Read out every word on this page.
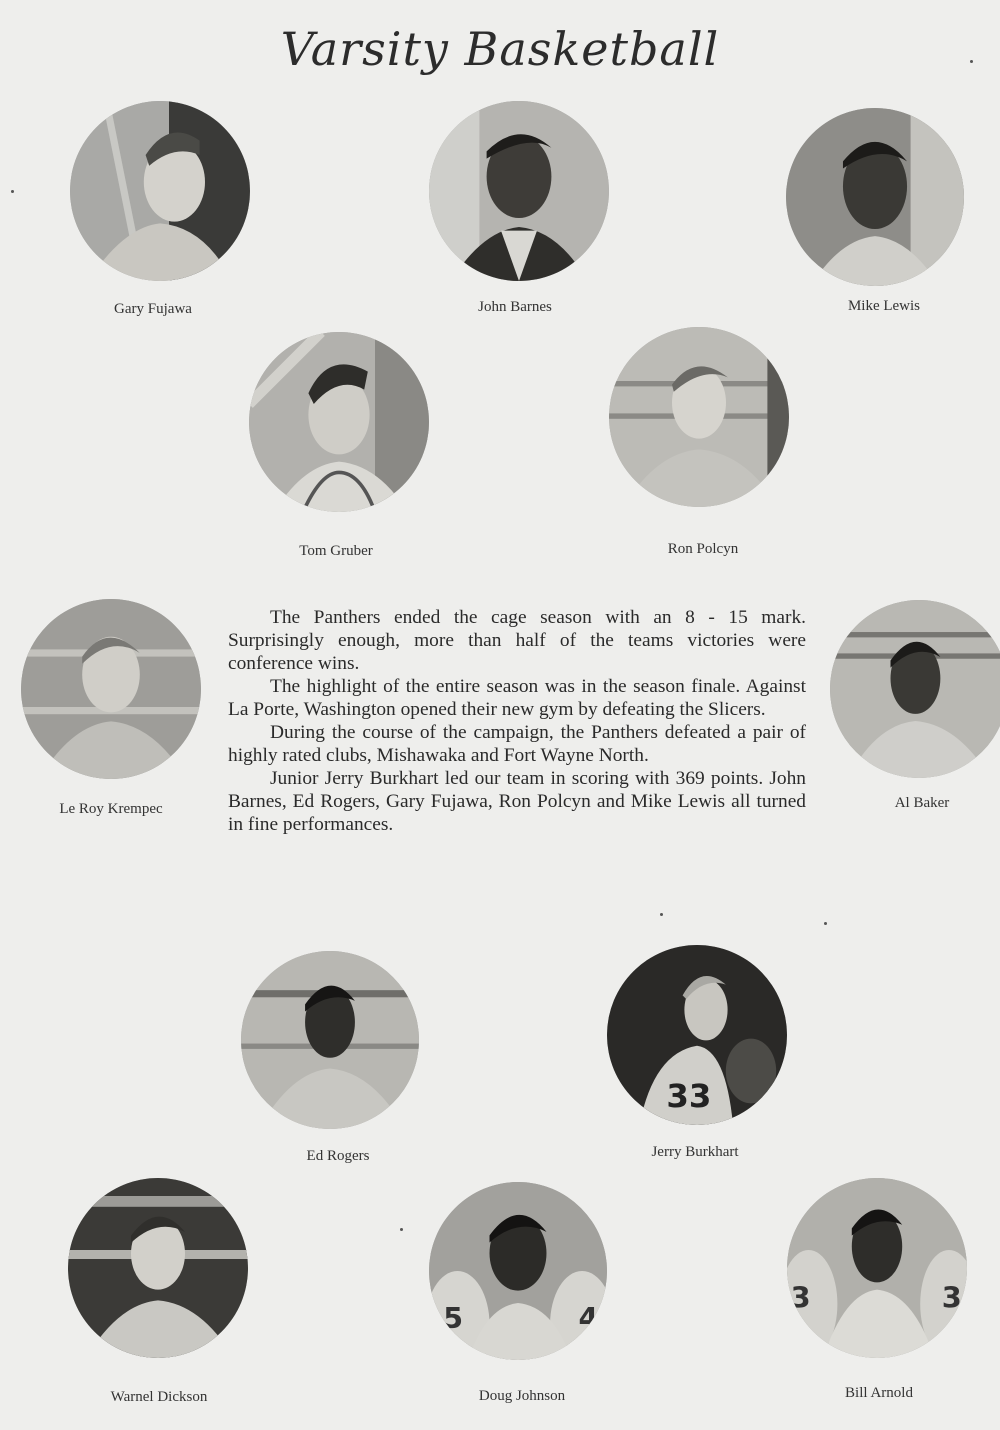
Varsity Basketball
Gary Fujawa	John Barnes	Mike Lewis
Tom Gruber	Ron Polcyn
Le Roy Krempec	Al Baker

The Panthers ended the cage season with an 8 - 15 mark. Surprisingly enough, more than half of the teams victories were conference wins.

The highlight of the entire season was in the season finale. Against La Porte, Washington opened their new gym by defeating the Slicers.

During the course of the campaign, the Panthers defeated a pair of highly rated clubs, Mishawaka and Fort Wayne North.

Junior Jerry Burkhart led our team in scoring with 369 points. John Barnes, Ed Rogers, Gary Fujawa, Ron Polcyn and Mike Lewis all turned in fine performances.

Ed Rogers
33
Jerry Burkhart
Warnel Dickson
5	4
Doug Johnson
3	3
Bill Arnold
